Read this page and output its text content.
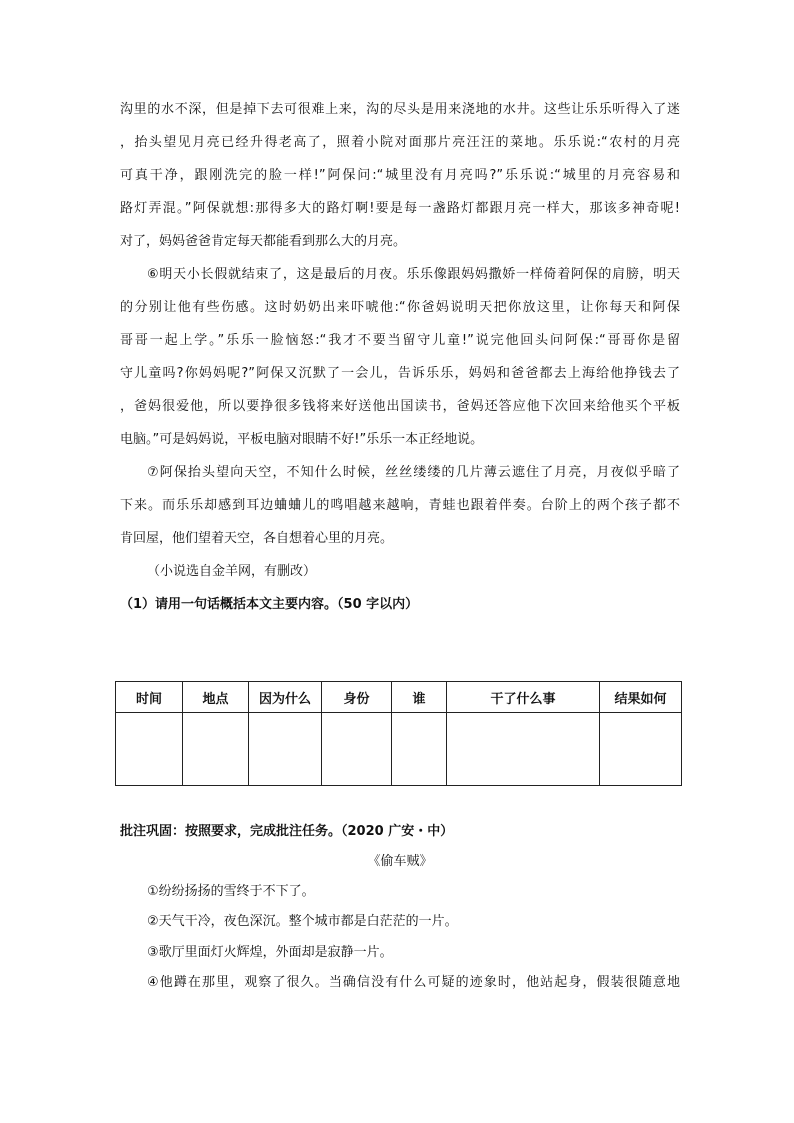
沟里的水不深，但是掉下去可很难上来，沟的尽头是用来浇地的水井。这些让乐乐听得入了迷
，抬头望见月亮已经升得老高了，照着小院对面那片亮汪汪的菜地。乐乐说:“农村的月亮
可真干净，跟刚洗完的脸一样!”阿保问:“城里没有月亮吗?”乐乐说:“城里的月亮容易和
路灯弄混。”阿保就想:那得多大的路灯啊!要是每一盏路灯都跟月亮一样大，那该多神奇呢!
对了，妈妈爸爸肯定每天都能看到那么大的月亮。
⑥明天小长假就结束了，这是最后的月夜。乐乐像跟妈妈撒娇一样倚着阿保的肩膀，明天
的分别让他有些伤感。这时奶奶出来吓唬他:“你爸妈说明天把你放这里，让你每天和阿保
哥哥一起上学。”乐乐一脸恼怒:“我才不要当留守儿童!”说完他回头问阿保:“哥哥你是留
守儿童吗?你妈妈呢?”阿保又沉默了一会儿，告诉乐乐，妈妈和爸爸都去上海给他挣钱去了
，爸妈很爱他，所以要挣很多钱将来好送他出国读书，爸妈还答应他下次回来给他买个平板
电脑。”可是妈妈说，平板电脑对眼睛不好!”乐乐一本正经地说。
⑦阿保抬头望向天空，不知什么时候，丝丝缕缕的几片薄云遮住了月亮，月夜似乎暗了
下来。而乐乐却感到耳边蛐蛐儿的鸣唱越来越响，青蛙也跟着伴奏。台阶上的两个孩子都不
肯回屋，他们望着天空，各自想着心里的月亮。
（小说选自金羊网，有删改）
（1）请用一句话概括本文主要内容。（50 字以内）
时间	地点	因为什么	身份	谁	干了什么事	结果如何

批注巩固：按照要求，完成批注任务。（2020 广安・中）
《偷车贼》
①纷纷扬扬的雪终于不下了。
②天气干冷，夜色深沉。整个城市都是白茫茫的一片。
③歌厅里面灯火辉煌，外面却是寂静一片。
④他蹲在那里，观察了很久。当确信没有什么可疑的迹象时，他站起身，假装很随意地
